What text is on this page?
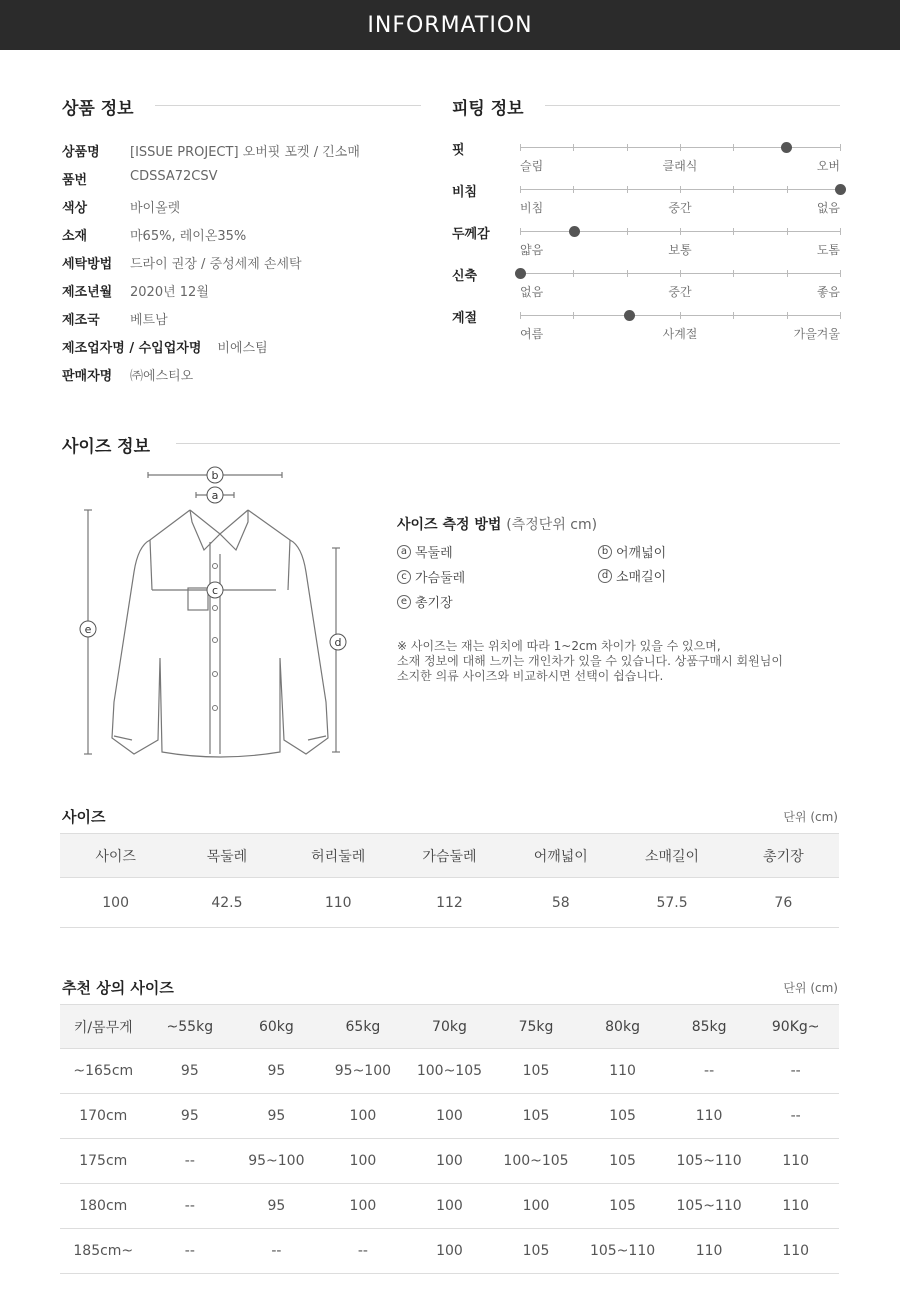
INFORMATION
상품 정보
상품명	[ISSUE PROJECT] 오버핏 포켓 / 긴소매
품번	CDSSA72CSV
색상	바이올렛
소재	마65%, 레이온35%
세탁방법	드라이 권장 / 중성세제 손세탁
제조년월	2020년 12월
제조국	베트남
제조업자명 / 수입업자명 비에스팀
판매자명	㈜에스티오
피팅 정보
핏
슬림	클래식	오버
비침
비침	중간	없음
두께감
얇음	보통	도톰
신축
없음	중간	좋음
계절
여름	사계절	가을겨울
사이즈 정보
b
a
c
e
d
사이즈 측정 방법 (측정단위 cm)
a 목둘레	b 어깨넓이
c 가슴둘레	d 소매길이
e 총기장
※ 사이즈는 재는 위치에 따라 1~2cm 차이가 있을 수 있으며,
소재 정보에 대해 느끼는 개인차가 있을 수 있습니다. 상품구매시 회원님이
소지한 의류 사이즈와 비교하시면 선택이 쉽습니다.
사이즈	단위 (cm)
사이즈	목둘레	허리둘레	가슴둘레	어깨넓이	소매길이	총기장
100	42.5	110	112	58	57.5	76
추천 상의 사이즈	단위 (cm)
키/몸무게	~55kg	60kg	65kg	70kg	75kg	80kg	85kg	90Kg~
~165cm	95	95	95~100	100~105	105	110	--	--
170cm	95	95	100	100	105	105	110	--
175cm	--	95~100	100	100	100~105	105	105~110	110
180cm	--	95	100	100	100	105	105~110	110
185cm~	--	--	--	100	105	105~110	110	110
